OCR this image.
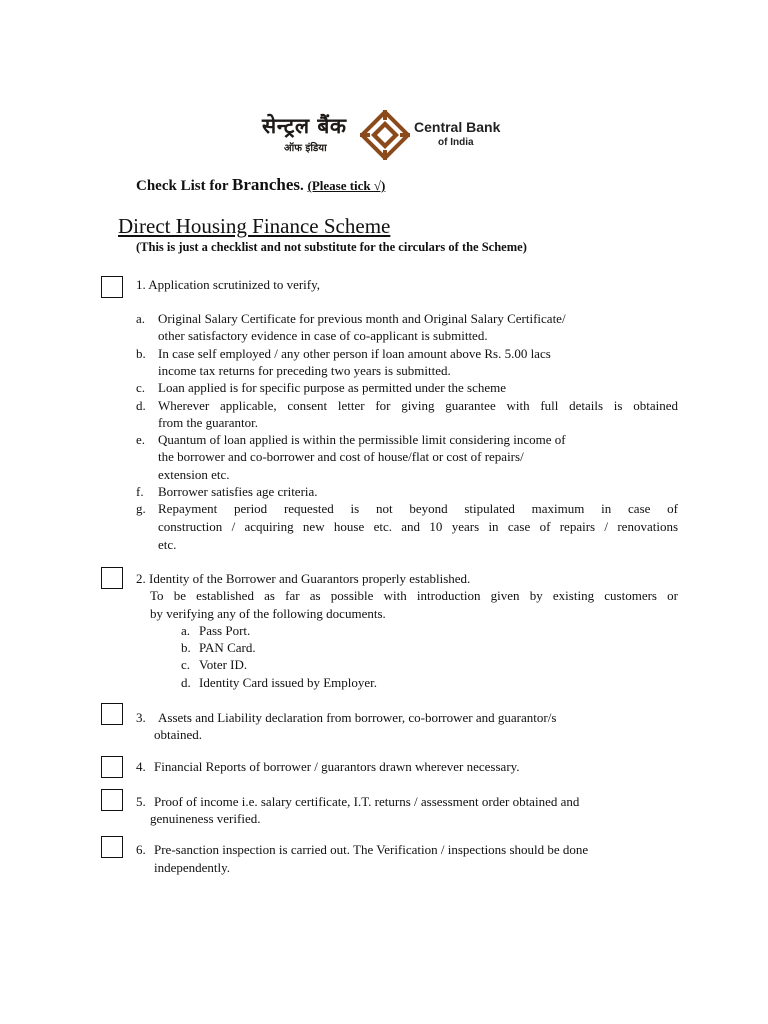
सेन्ट्रल बैंक
ऑफ इंडिया
Central Bank
of India
Check List for Branches. (Please tick √)
Direct Housing Finance Scheme
(This is just a checklist and not substitute for the circulars of the Scheme)
1. Application scrutinized to verify,
a. Original Salary Certificate for previous month and Original Salary Certificate/
other satisfactory evidence in case of co-applicant is submitted.
b. In case self employed / any other person if loan amount above Rs. 5.00 lacs
income tax returns for preceding two years is submitted.
c. Loan applied is for specific purpose as permitted under the scheme
d. Wherever applicable, consent letter for giving guarantee with full details is obtained
from the guarantor.
e. Quantum of loan applied is within the permissible limit considering income of
the borrower and co-borrower and cost of house/flat or cost of repairs/
extension etc.
f. Borrower satisfies age criteria.
g. Repayment period requested is not beyond stipulated maximum in case of
construction / acquiring new house etc. and 10 years in case of repairs / renovations
etc.
2. Identity of the Borrower and Guarantors properly established.
To be established as far as possible with introduction given by existing customers or
by verifying any of the following documents.
a. Pass Port.
b. PAN Card.
c. Voter ID.
d. Identity Card issued by Employer.
3. Assets and Liability declaration from borrower, co-borrower and guarantor/s
obtained.
4. Financial Reports of borrower / guarantors drawn wherever necessary.
5. Proof of income i.e. salary certificate, I.T. returns / assessment order obtained and
genuineness verified.
6. Pre-sanction inspection is carried out. The Verification / inspections should be done
independently.
